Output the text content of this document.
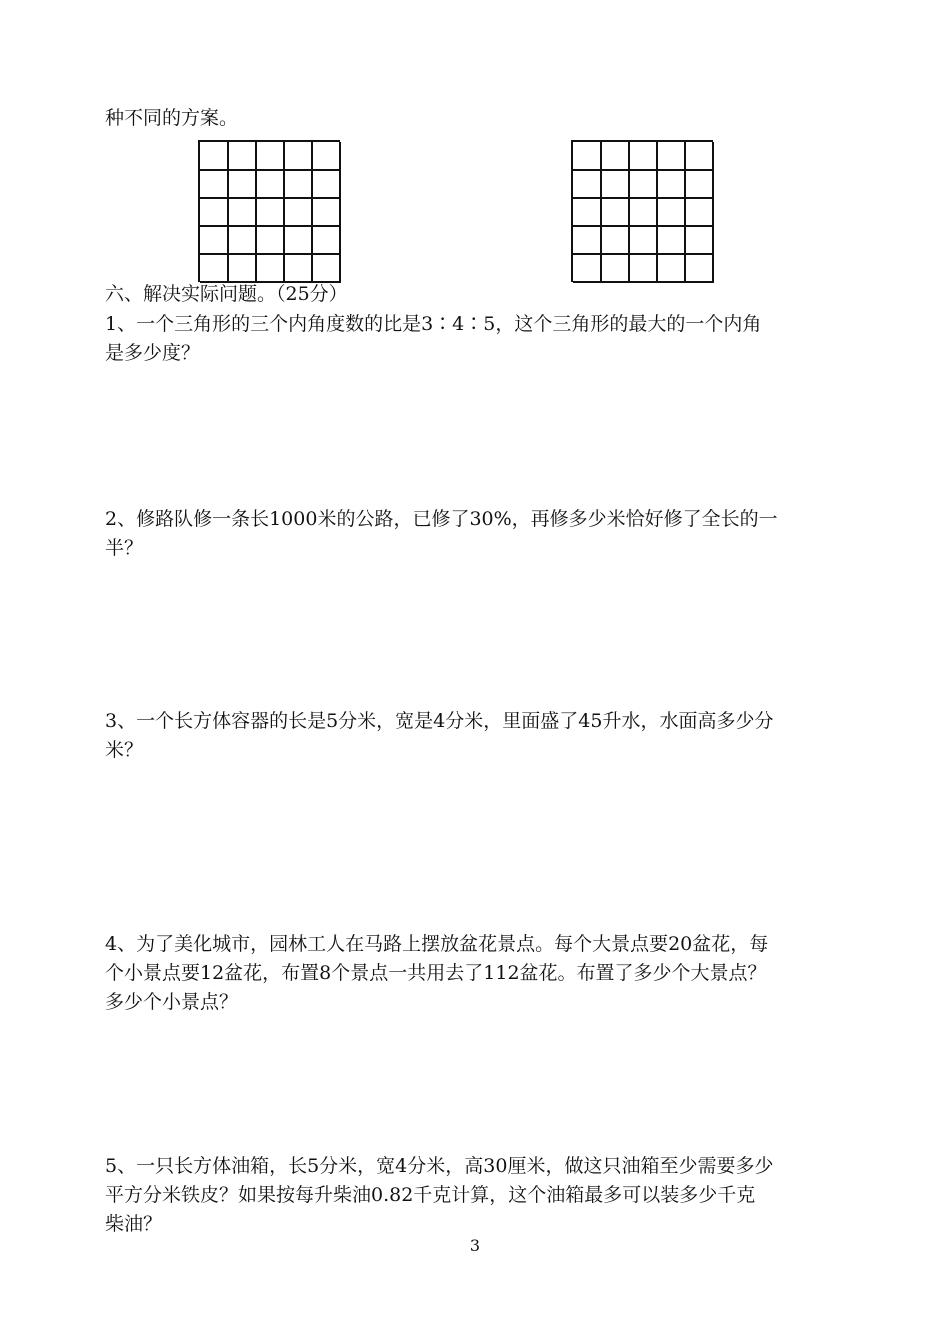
种不同的方案。
六、解决实际问题。（25分）
1、一个三角形的三个内角度数的比是3∶4∶5，这个三角形的最大的一个内角
是多少度？
2、修路队修一条长1000米的公路，已修了30%，再修多少米恰好修了全长的一
半？
3、一个长方体容器的长是5分米，宽是4分米，里面盛了45升水，水面高多少分
米？
4、为了美化城市，园林工人在马路上摆放盆花景点。每个大景点要20盆花，每
个小景点要12盆花，布置8个景点一共用去了112盆花。布置了多少个大景点？
多少个小景点？
5、一只长方体油箱，长5分米，宽4分米，高30厘米，做这只油箱至少需要多少
平方分米铁皮？如果按每升柴油0.82千克计算，这个油箱最多可以装多少千克
柴油？
3
